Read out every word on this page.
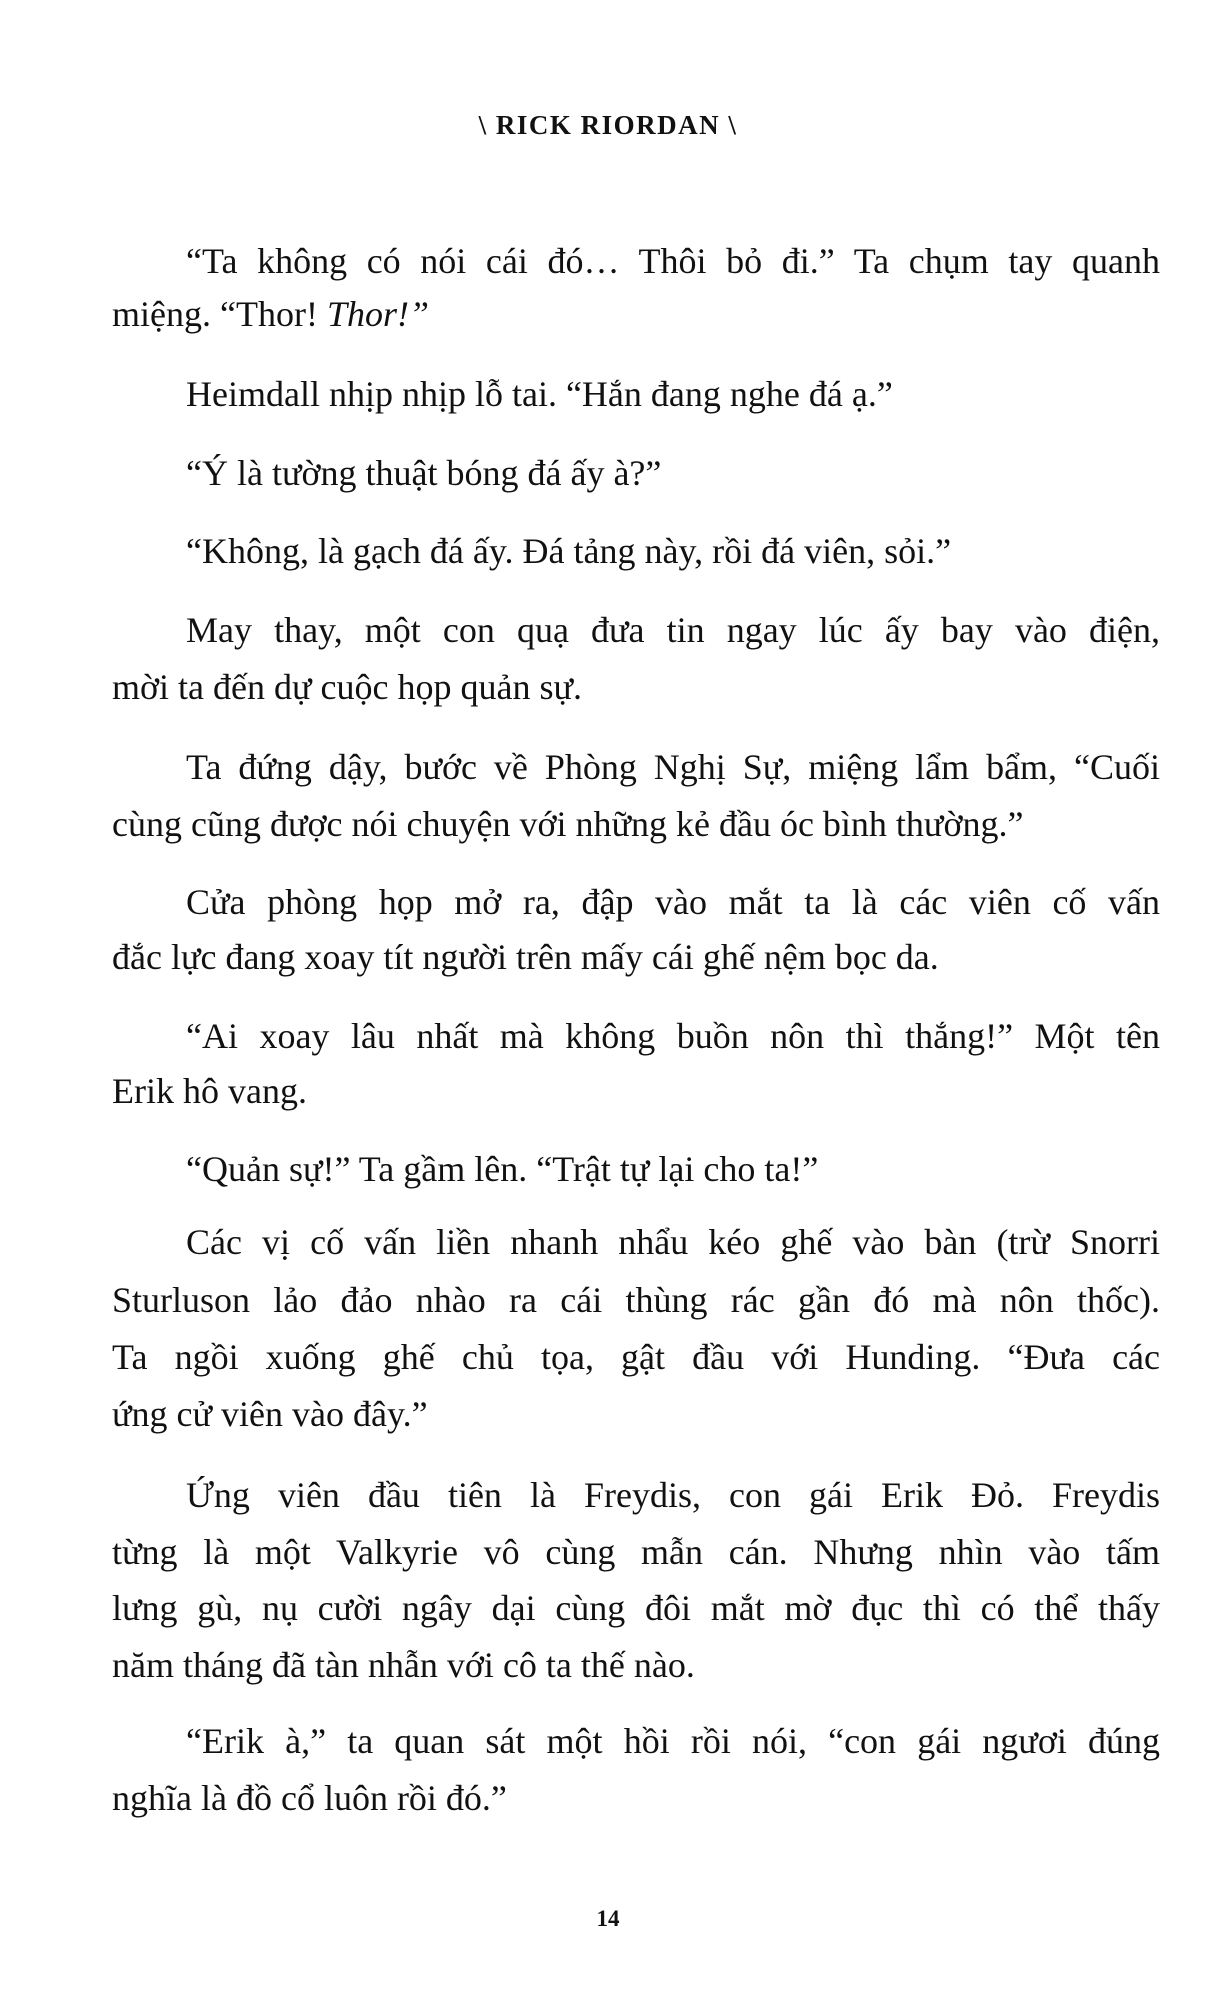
\ RICK RIORDAN \
“Ta không có nói cái đó… Thôi bỏ đi.” Ta chụm tay quanh
miệng. “Thor! Thor!”
Heimdall nhịp nhịp lỗ tai. “Hắn đang nghe đá ạ.”
“Ý là tường thuật bóng đá ấy à?”
“Không, là gạch đá ấy. Đá tảng này, rồi đá viên, sỏi.”
May thay, một con quạ đưa tin ngay lúc ấy bay vào điện,
mời ta đến dự cuộc họp quản sự.
Ta đứng dậy, bước về Phòng Nghị Sự, miệng lẩm bẩm, “Cuối
cùng cũng được nói chuyện với những kẻ đầu óc bình thường.”
Cửa phòng họp mở ra, đập vào mắt ta là các viên cố vấn
đắc lực đang xoay tít người trên mấy cái ghế nệm bọc da.
“Ai xoay lâu nhất mà không buồn nôn thì thắng!” Một tên
Erik hô vang.
“Quản sự!” Ta gầm lên. “Trật tự lại cho ta!”
Các vị cố vấn liền nhanh nhẩu kéo ghế vào bàn (trừ Snorri
Sturluson lảo đảo nhào ra cái thùng rác gần đó mà nôn thốc).
Ta ngồi xuống ghế chủ tọa, gật đầu với Hunding. “Đưa các
ứng cử viên vào đây.”
Ứng viên đầu tiên là Freydis, con gái Erik Đỏ. Freydis
từng là một Valkyrie vô cùng mẫn cán. Nhưng nhìn vào tấm
lưng gù, nụ cười ngây dại cùng đôi mắt mờ đục thì có thể thấy
năm tháng đã tàn nhẫn với cô ta thế nào.
“Erik à,” ta quan sát một hồi rồi nói, “con gái ngươi đúng
nghĩa là đồ cổ luôn rồi đó.”
14
